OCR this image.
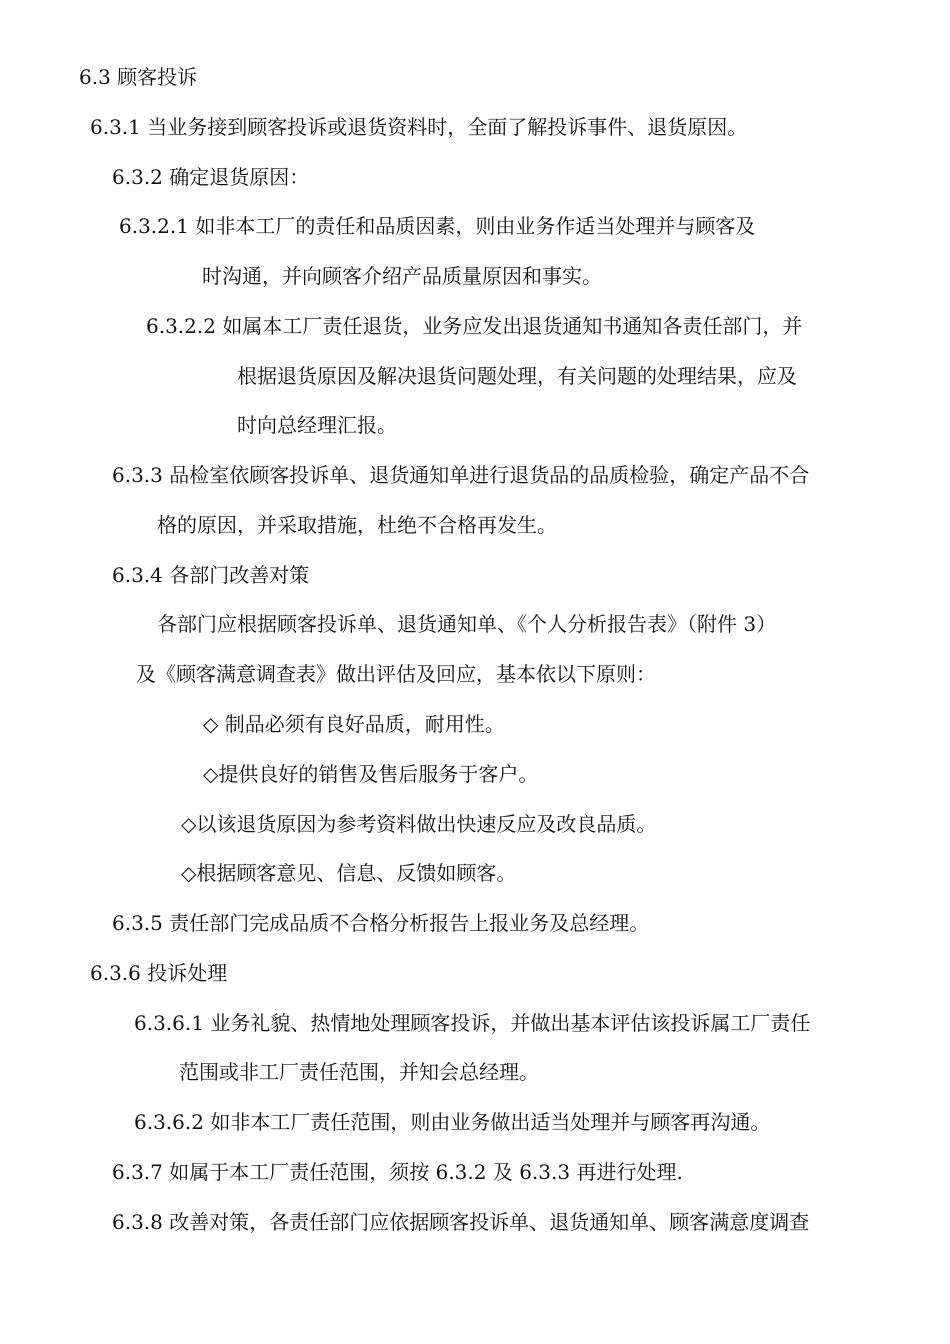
6.3 顾客投诉
6.3.1 当业务接到顾客投诉或退货资料时，全面了解投诉事件、退货原因。
6.3.2 确定退货原因：
6.3.2.1 如非本工厂的责任和品质因素，则由业务作适当处理并与顾客及
时沟通，并向顾客介绍产品质量原因和事实。
6.3.2.2 如属本工厂责任退货，业务应发出退货通知书通知各责任部门，并
根据退货原因及解决退货问题处理，有关问题的处理结果，应及
时向总经理汇报。
6.3.3 品检室依顾客投诉单、退货通知单进行退货品的品质检验，确定产品不合
格的原因，并采取措施，杜绝不合格再发生。
6.3.4 各部门改善对策
各部门应根据顾客投诉单、退货通知单、《个人分析报告表》（附件 3）
及《顾客满意调查表》做出评估及回应，基本依以下原则：
◇ 制品必须有良好品质，耐用性。
◇提供良好的销售及售后服务于客户。
◇以该退货原因为参考资料做出快速反应及改良品质。
◇根据顾客意见、信息、反馈如顾客。
6.3.5 责任部门完成品质不合格分析报告上报业务及总经理。
6.3.6 投诉处理
6.3.6.1 业务礼貌、热情地处理顾客投诉，并做出基本评估该投诉属工厂责任
范围或非工厂责任范围，并知会总经理。
6.3.6.2 如非本工厂责任范围，则由业务做出适当处理并与顾客再沟通。
6.3.7 如属于本工厂责任范围，须按 6.3.2 及 6.3.3 再进行处理.
6.3.8 改善对策，各责任部门应依据顾客投诉单、退货通知单、顾客满意度调查
